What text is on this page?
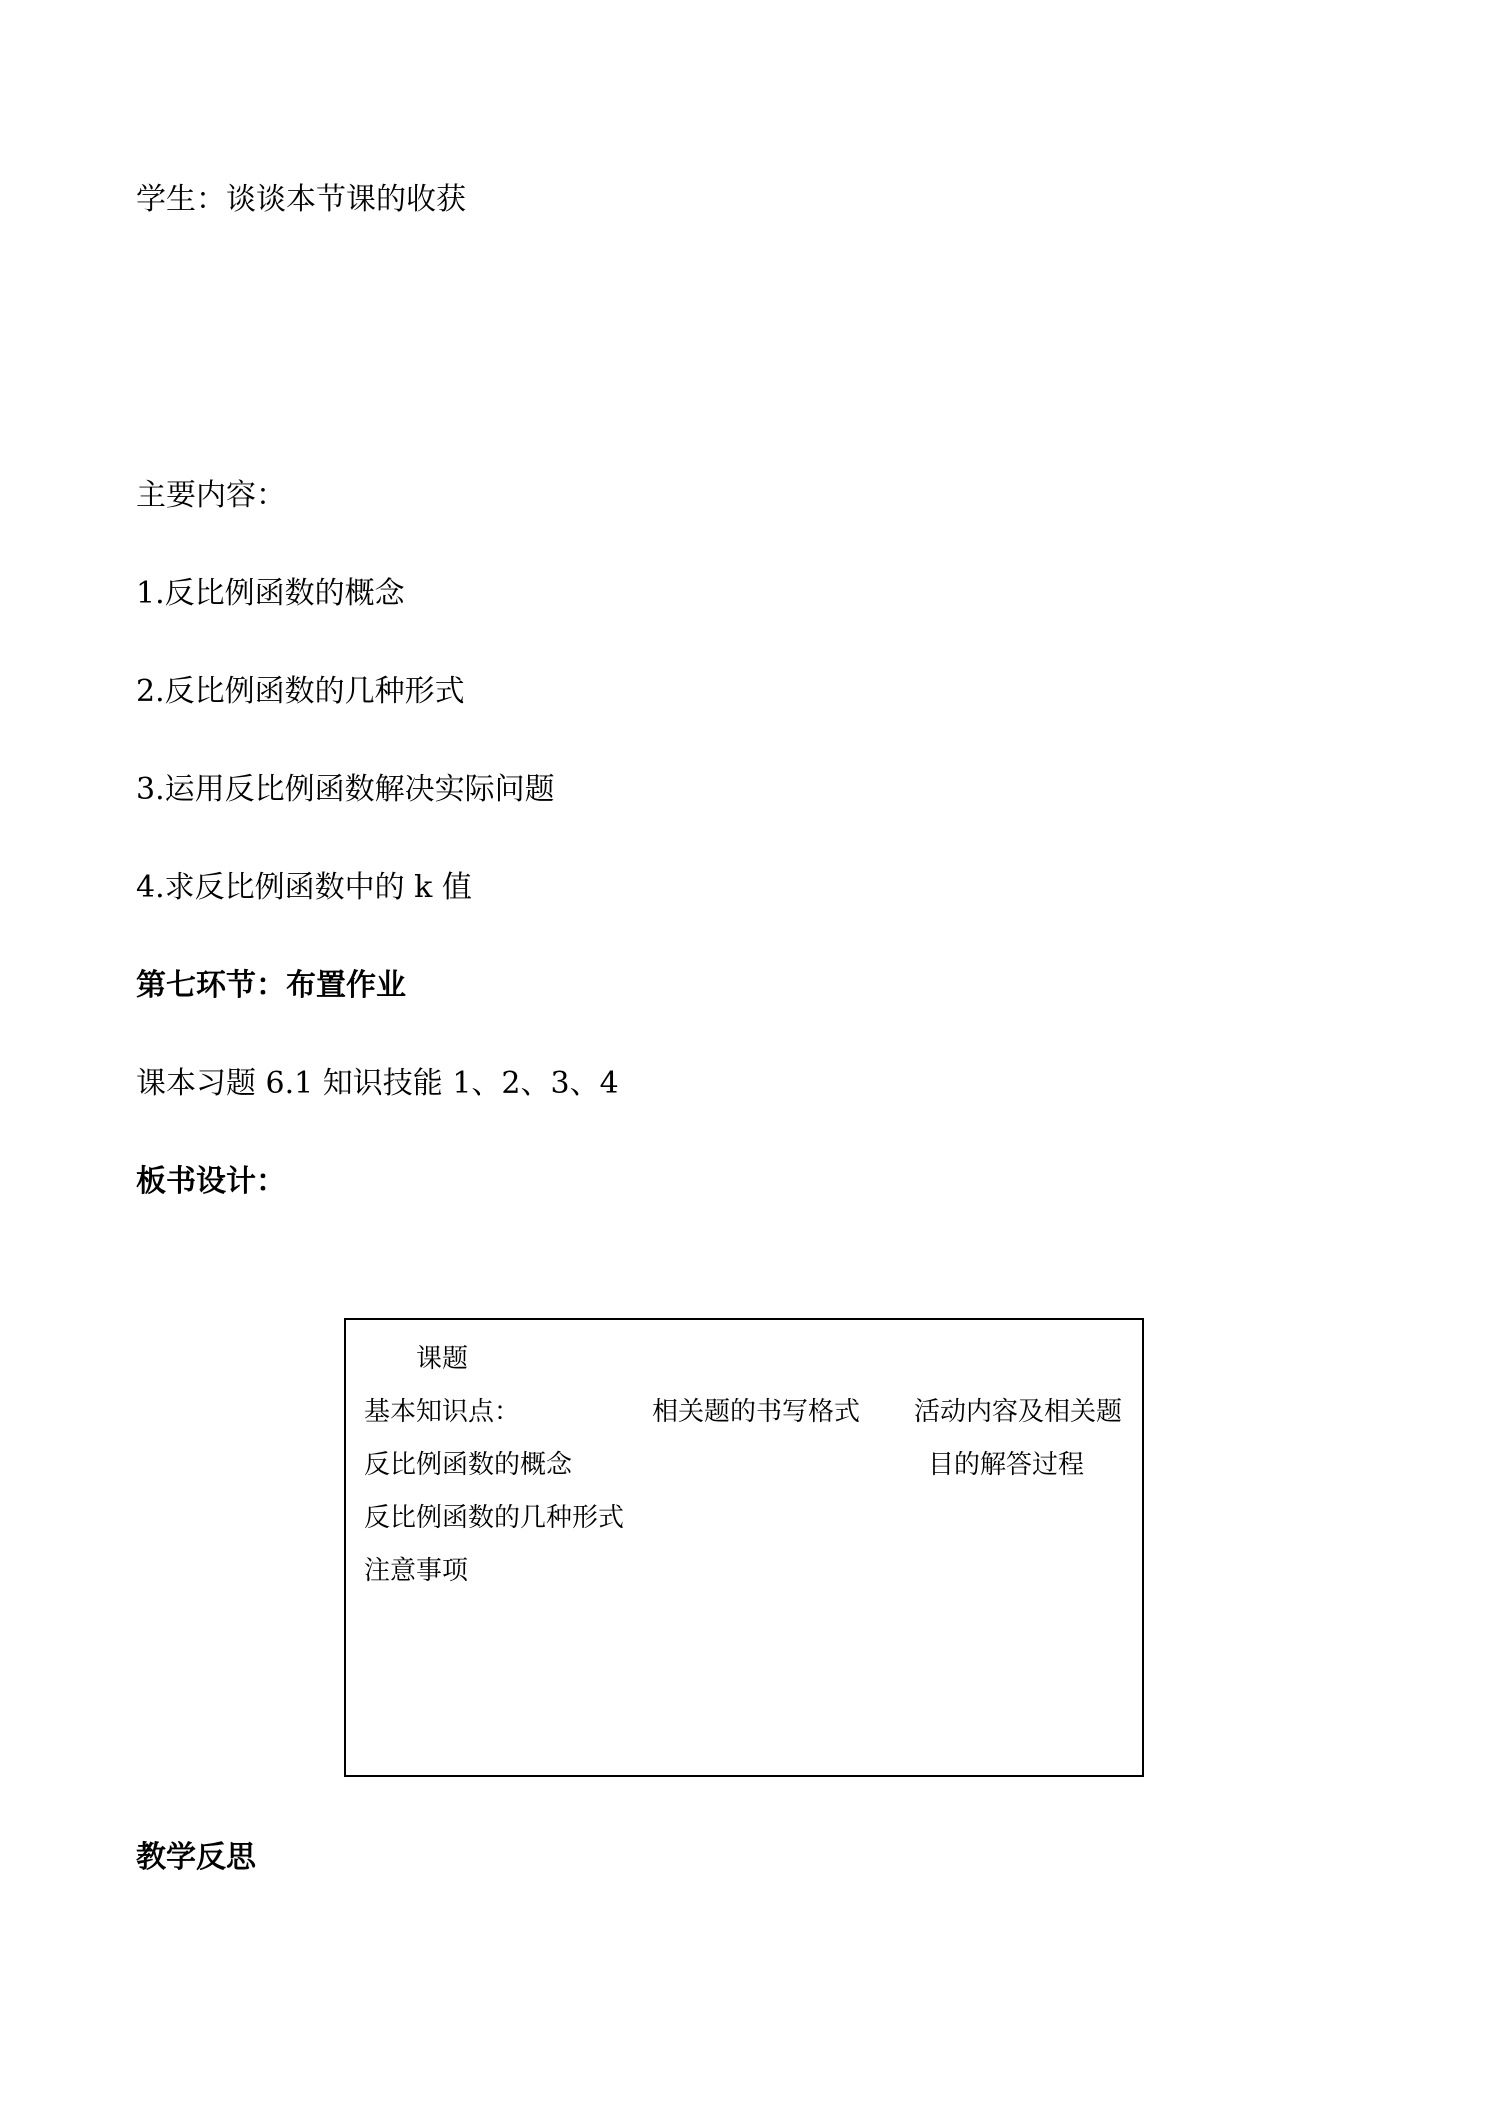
学生：谈谈本节课的收获
主要内容：
1.反比例函数的概念
2.反比例函数的几种形式
3.运用反比例函数解决实际问题
4.求反比例函数中的 k 值
第七环节：布置作业
课本习题 6.1 知识技能 1、2、3、4
板书设计：
课题
基本知识点：
反比例函数的概念
反比例函数的几种形式
注意事项
相关题的书写格式 活动内容及相关题
目的解答过程
教学反思
